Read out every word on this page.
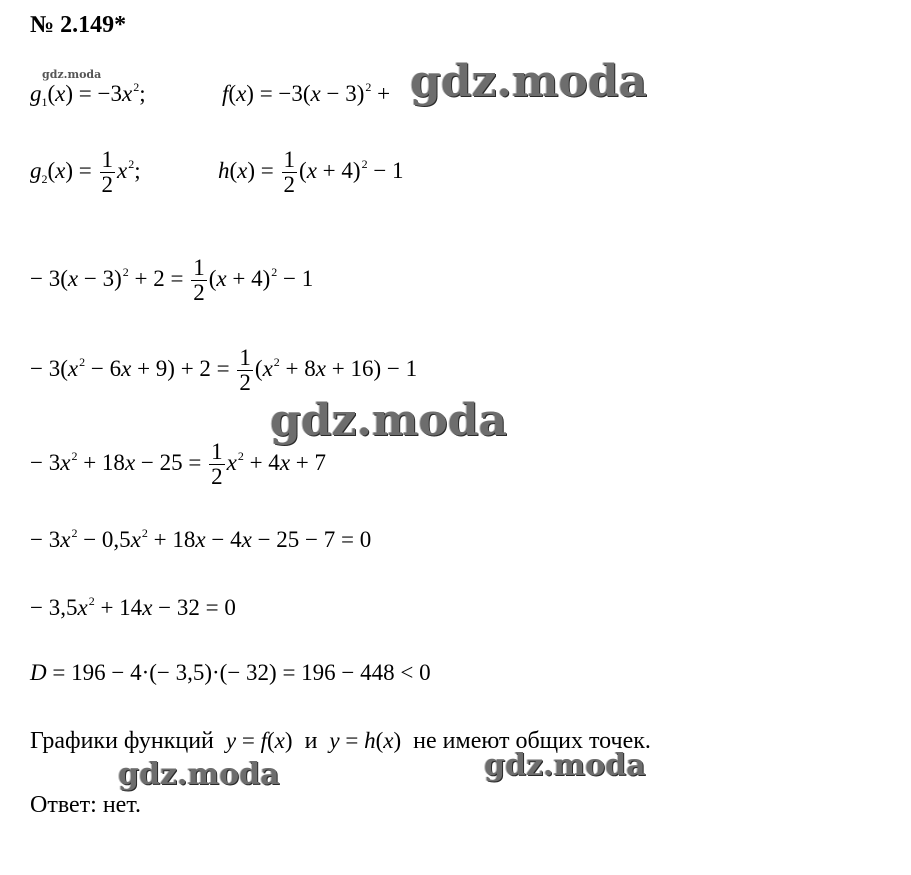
№ 2.149*
gdz.moda
$g_1(x) = -3x^2$;	$f(x) = -3(x - 3)^2$ + gdz.moda
$g_2(x) = \frac{1}{2} x^2$;	$h(x) = \frac{1}{2} (x + 4)^2 - 1$
− $3(x - 3)^2 + 2 = \frac{1}{2} (x + 4)^2 - 1$
− $3(x^2 - 6x + 9) + 2 = \frac{1}{2} (x^2 + 8x + 16) - 1$
gdz.moda
− $3x^2 + 18x - 25 = \frac{1}{2} x^2 + 4x + 7$
− $3x^2 - 0,5x^2 + 18x - 4x - 25 - 7 = 0$
− $3,5x^2 + 14x - 32 = 0$
D = 196 − 4·(− 3,5)·(− 32) = 196 − 448 < 0
Графики функций y = f(x) и y = h(x) не имеют общих точек.
gdz.moda	gdz.moda
Ответ: нет.
